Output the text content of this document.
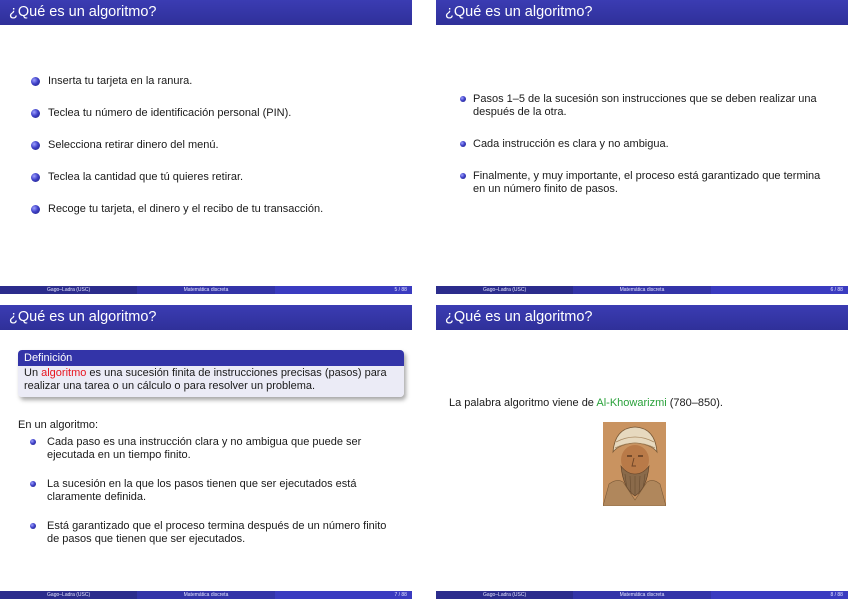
¿Qué es un algoritmo?
Inserta tu tarjeta en la ranura.
Teclea tu número de identificación personal (PIN).
Selecciona retirar dinero del menú.
Teclea la cantidad que tú quieres retirar.
Recoge tu tarjeta, el dinero y el recibo de tu transacción.
Gago–Ladra (USC)	Matemática discreta	5 / 88
¿Qué es un algoritmo?
Pasos 1–5 de la sucesión son instrucciones que se deben realizar una después de la otra.
Cada instrucción es clara y no ambigua.
Finalmente, y muy importante, el proceso está garantizado que termina en un número finito de pasos.
Gago–Ladra (USC)	Matemática discreta	6 / 88
¿Qué es un algoritmo?
Definición
Un algoritmo es una sucesión finita de instrucciones precisas (pasos) para realizar una tarea o un cálculo o para resolver un problema.
En un algoritmo:
Cada paso es una instrucción clara y no ambigua que puede ser ejecutada en un tiempo finito.
La sucesión en la que los pasos tienen que ser ejecutados está claramente definida.
Está garantizado que el proceso termina después de un número finito de pasos que tienen que ser ejecutados.
Gago–Ladra (USC)	Matemática discreta	7 / 88
¿Qué es un algoritmo?
La palabra algoritmo viene de Al-Khowarizmi (780–850).
Gago–Ladra (USC)	Matemática discreta	8 / 88
